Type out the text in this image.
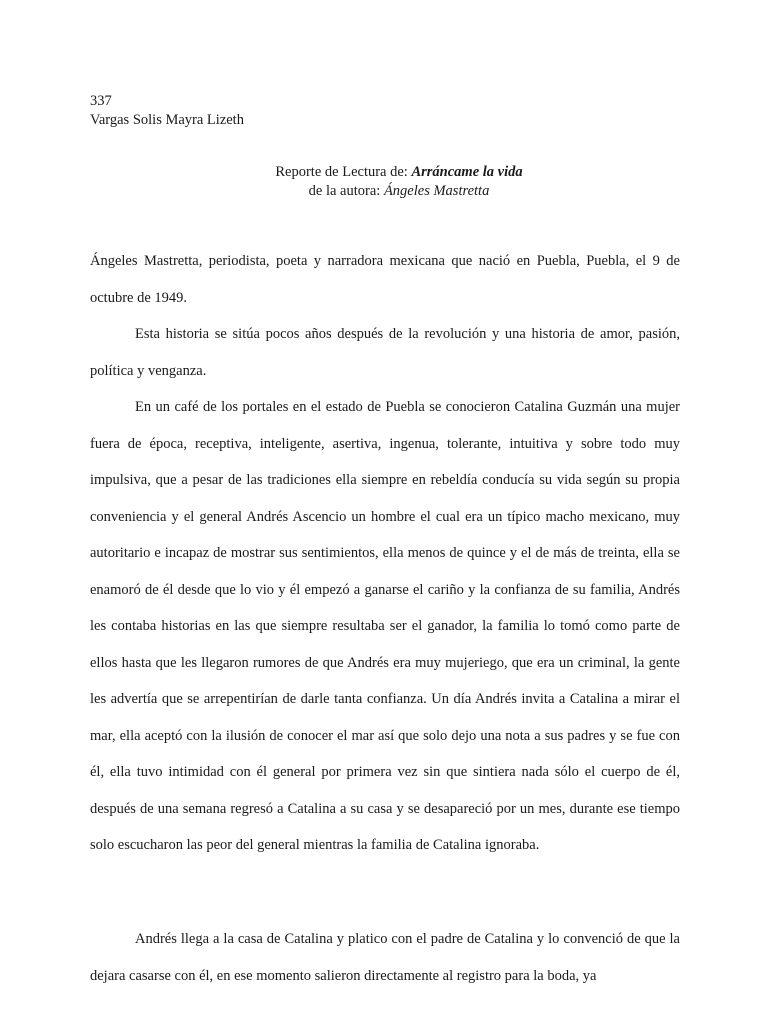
337
Vargas Solis Mayra Lizeth
Reporte de Lectura de: Arráncame la vida
de la autora: Ángeles Mastretta

Ángeles Mastretta, periodista, poeta y narradora mexicana que nació en Puebla, Puebla, el 9 de octubre de 1949.

Esta historia se sitúa pocos años después de la revolución y una historia de amor, pasión, política y venganza.

En un café de los portales en el estado de Puebla se conocieron Catalina Guzmán una mujer fuera de época, receptiva, inteligente, asertiva, ingenua, tolerante, intuitiva y sobre todo muy impulsiva, que a pesar de las tradiciones ella siempre en rebeldía conducía su vida según su propia conveniencia y el general Andrés Ascencio un hombre el cual era un típico macho mexicano, muy autoritario e incapaz de mostrar sus sentimientos, ella menos de quince y el de más de treinta, ella se enamoró de él desde que lo vio y él empezó a ganarse el cariño y la confianza de su familia, Andrés les contaba historias en las que siempre resultaba ser el ganador, la familia lo tomó como parte de ellos hasta que les llegaron rumores de que Andrés era muy mujeriego, que era un criminal, la gente les advertía que se arrepentirían de darle tanta confianza. Un día Andrés invita a Catalina a mirar el mar, ella aceptó con la ilusión de conocer el mar así que solo dejo una nota a sus padres y se fue con él, ella tuvo intimidad con él general por primera vez sin que sintiera nada sólo el cuerpo de él, después de una semana regresó a Catalina a su casa y se desapareció por un mes, durante ese tiempo solo escucharon las peor del general mientras la familia de Catalina ignoraba.

Andrés llega a la casa de Catalina y platico con el padre de Catalina y lo convenció de que la dejara casarse con él, en ese momento salieron directamente al registro para la boda, ya
